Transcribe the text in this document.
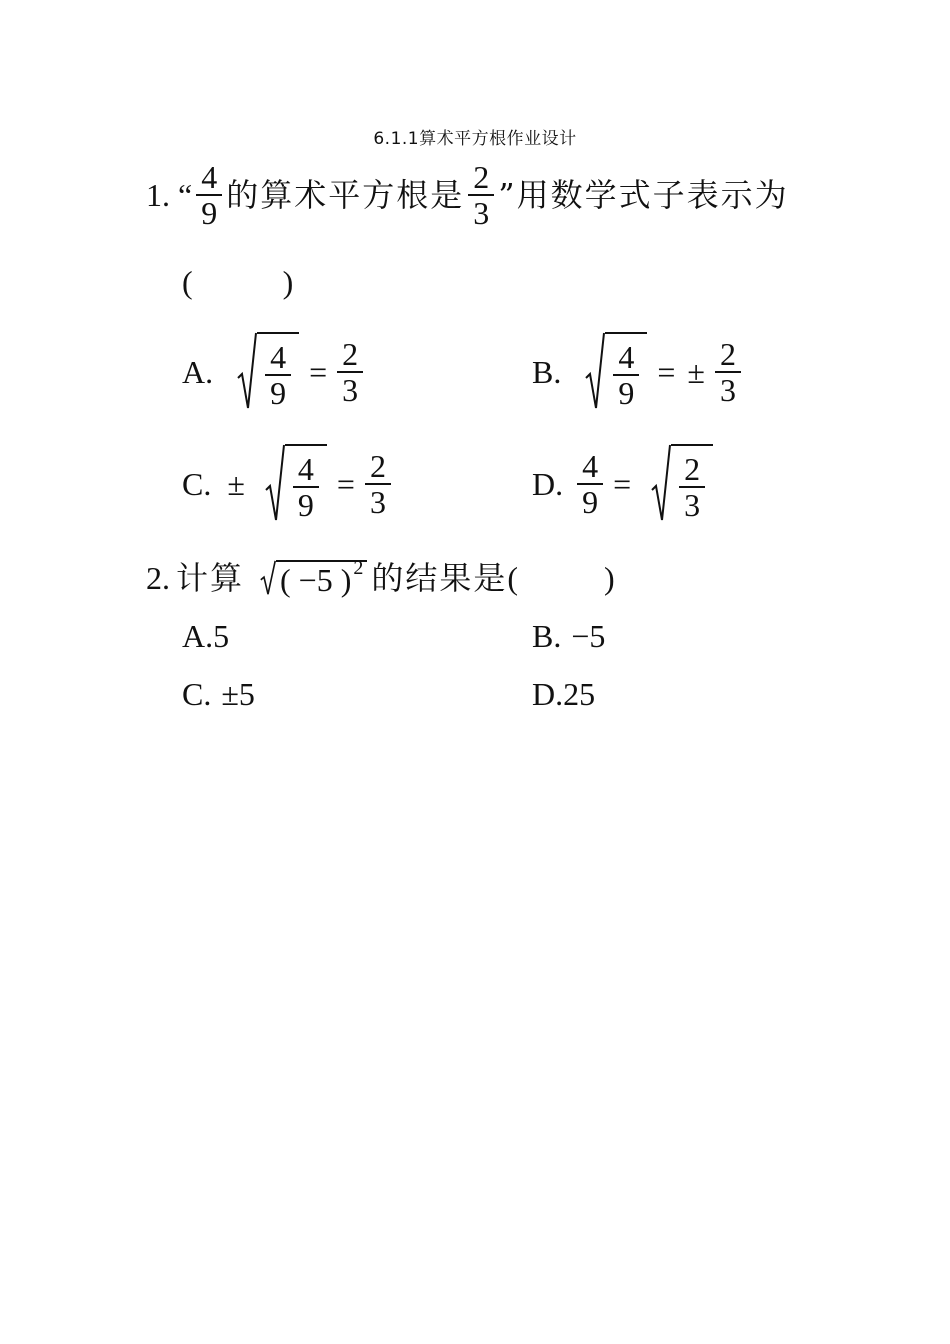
6.1.1算术平方根作业设计
1. “ $\frac{4}{9}$ 的算术平方根是 $\frac{2}{3}$ ”用数学式子表示为
(	)
A. $\frac{4}{9} = \frac{2}{3}$	B. $\frac{4}{9}$ = ± $\frac{2}{3}$
C. ± $\frac{4}{9} = \frac{2}{3}$	D. $\frac{4}{9} = \frac{2}{3}$
2. 计算 ( −5 ) 2 的结果是 (	)
A. 5	B. −5
C. ±5	D. 25
